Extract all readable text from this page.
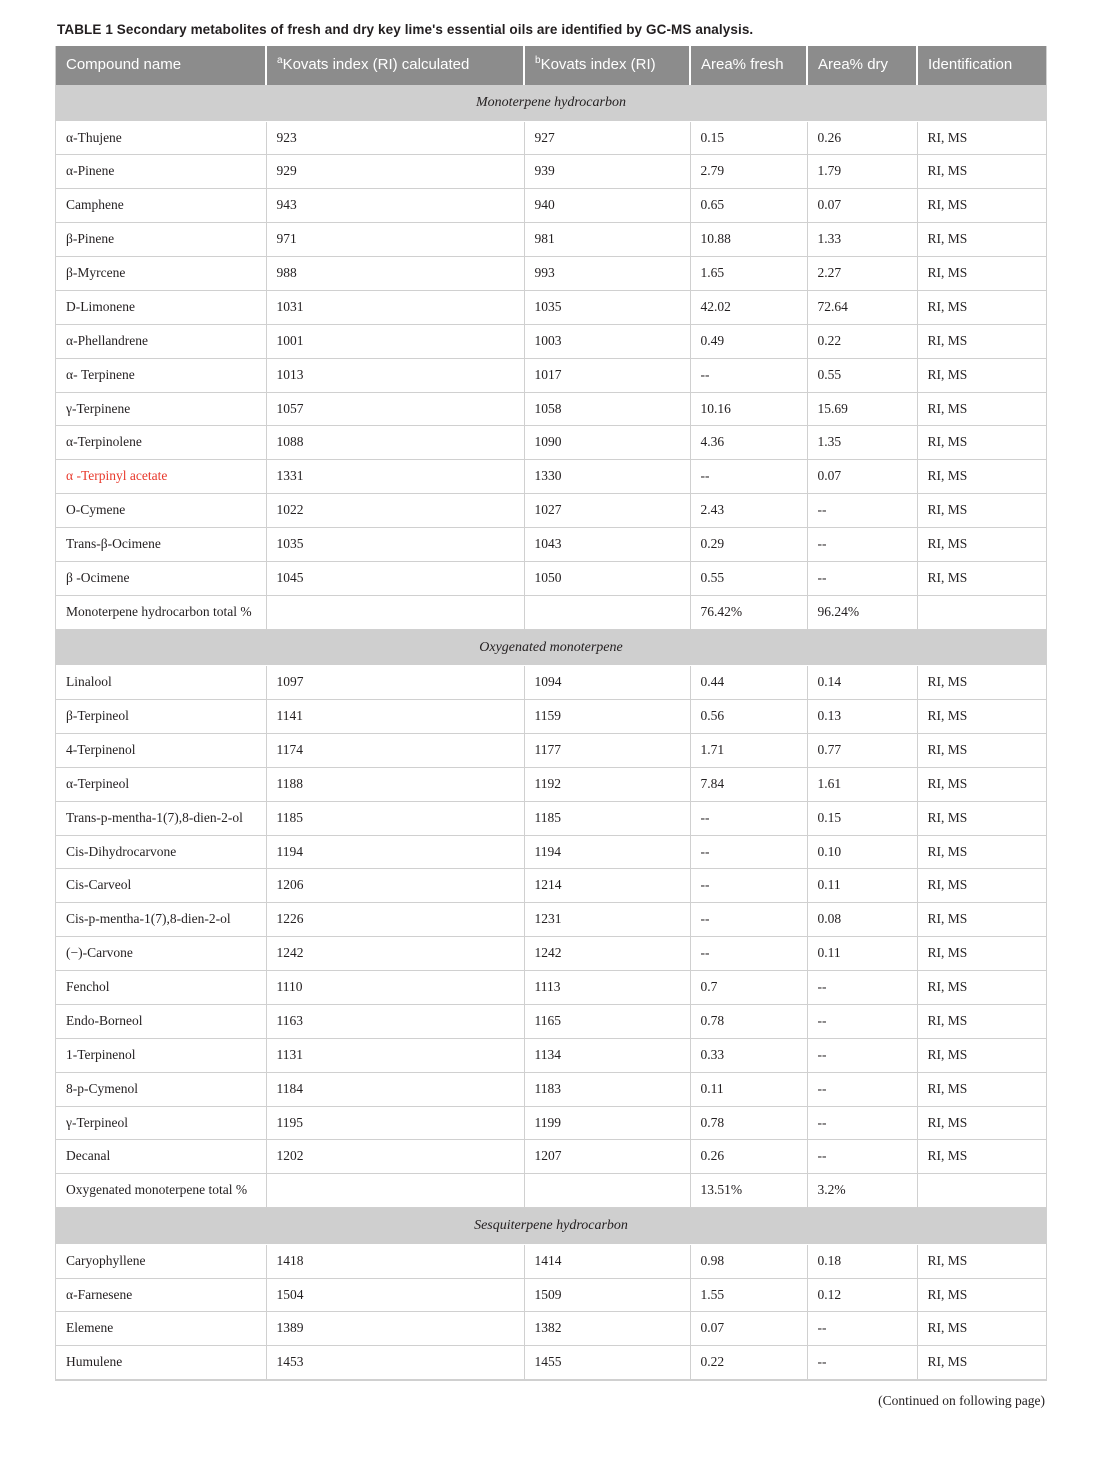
TABLE 1 Secondary metabolites of fresh and dry key lime's essential oils are identified by GC-MS analysis.
Compound name	$^a$Kovats index (RI) calculated	$^b$Kovats index (RI)	Area% fresh	Area% dry	Identification
Monoterpene hydrocarbon					
α-Thujene	923	927	0.15	0.26	RI, MS
α-Pinene	929	939	2.79	1.79	RI, MS
Camphene	943	940	0.65	0.07	RI, MS
β-Pinene	971	981	10.88	1.33	RI, MS
β-Myrcene	988	993	1.65	2.27	RI, MS
D-Limonene	1031	1035	42.02	72.64	RI, MS
α-Phellandrene	1001	1003	0.49	0.22	RI, MS
α- Terpinene	1013	1017	--	0.55	RI, MS
γ-Terpinene	1057	1058	10.16	15.69	RI, MS
α-Terpinolene	1088	1090	4.36	1.35	RI, MS
α -Terpinyl acetate	1331	1330	--	0.07	RI, MS
O-Cymene	1022	1027	2.43	--	RI, MS
Trans-β-Ocimene	1035	1043	0.29	--	RI, MS
β -Ocimene	1045	1050	0.55	--	RI, MS
Monoterpene hydrocarbon total %			76.42%	96.24%	
Oxygenated monoterpene					
Linalool	1097	1094	0.44	0.14	RI, MS
β-Terpineol	1141	1159	0.56	0.13	RI, MS
4-Terpinenol	1174	1177	1.71	0.77	RI, MS
α-Terpineol	1188	1192	7.84	1.61	RI, MS
Trans-p-mentha-1(7),8-dien-2-ol	1185	1185	--	0.15	RI, MS
Cis-Dihydrocarvone	1194	1194	--	0.10	RI, MS
Cis-Carveol	1206	1214	--	0.11	RI, MS
Cis-p-mentha-1(7),8-dien-2-ol	1226	1231	--	0.08	RI, MS
(−)-Carvone	1242	1242	--	0.11	RI, MS
Fenchol	1110	1113	0.7	--	RI, MS
Endo-Borneol	1163	1165	0.78	--	RI, MS
1-Terpinenol	1131	1134	0.33	--	RI, MS
8-p-Cymenol	1184	1183	0.11	--	RI, MS
γ-Terpineol	1195	1199	0.78	--	RI, MS
Decanal	1202	1207	0.26	--	RI, MS
Oxygenated monoterpene total %			13.51%	3.2%	
Sesquiterpene hydrocarbon					
Caryophyllene	1418	1414	0.98	0.18	RI, MS
α-Farnesene	1504	1509	1.55	0.12	RI, MS
Elemene	1389	1382	0.07	--	RI, MS
Humulene	1453	1455	0.22	--	RI, MS
(Continued on following page)
